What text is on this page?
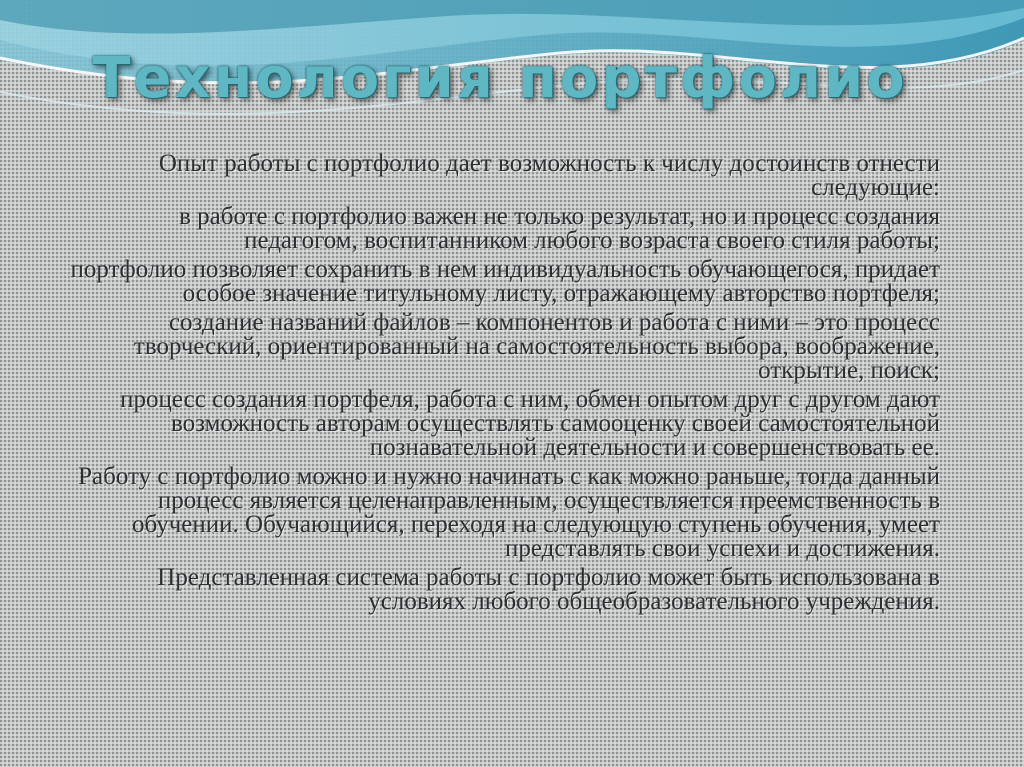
Технология портфолио

Опыт работы с портфолио дает возможность к числу достоинств отнести следующие:

в работе с портфолио важен не только результат, но и процесс создания педагогом, воспитанником любого возраста своего стиля работы;

портфолио позволяет сохранить в нем индивидуальность обучающегося, придает особое значение титульному листу, отражающему авторство портфеля;

создание названий файлов – компонентов и работа с ними – это процесс творческий, ориентированный на самостоятельность выбора, воображение, открытие, поиск;

процесс создания портфеля, работа с ним, обмен опытом друг с другом дают возможность авторам осуществлять самооценку своей самостоятельной познавательной деятельности и совершенствовать ее.

Работу с портфолио можно и нужно начинать с как можно раньше, тогда данный процесс является целенаправленным, осуществляется преемственность в обучении. Обучающийся, переходя на следующую ступень обучения, умеет представлять свои успехи и достижения.

Представленная система работы с портфолио может быть использована в условиях любого общеобразовательного учреждения.
